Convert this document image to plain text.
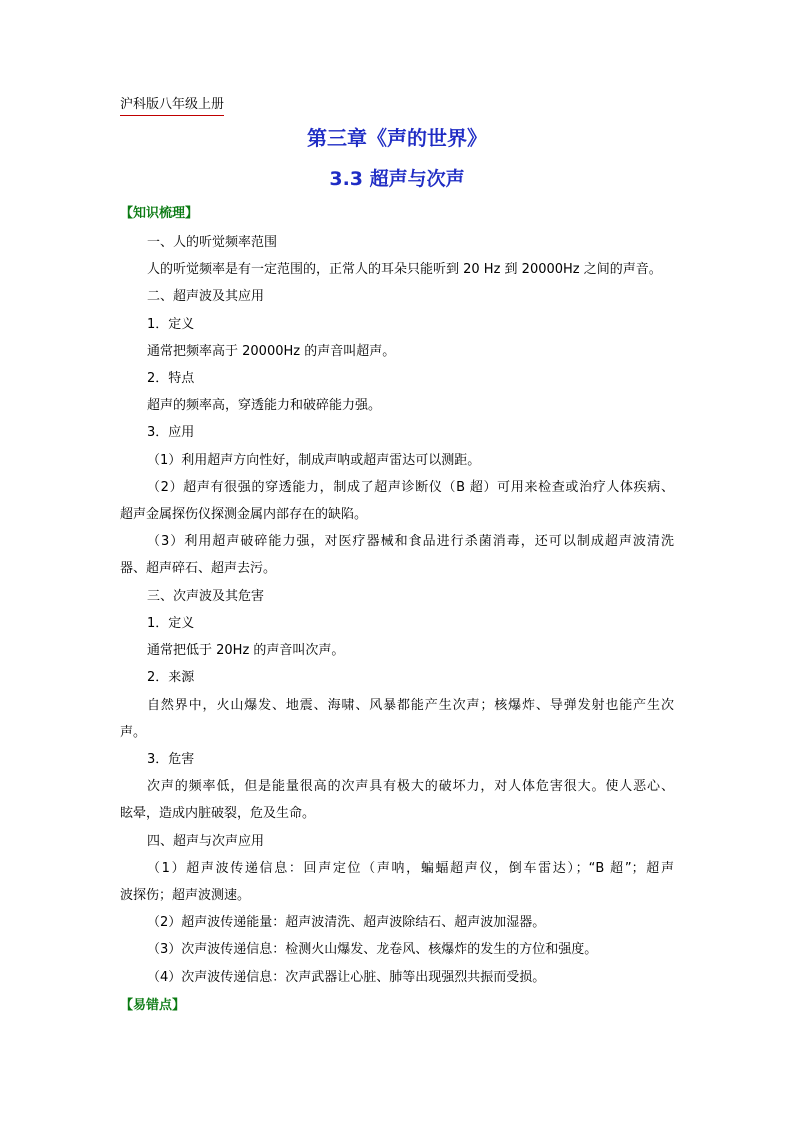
沪科版八年级上册
第三章《声的世界》
3.3 超声与次声
【知识梳理】
一、人的听觉频率范围
人的听觉频率是有一定范围的，正常人的耳朵只能听到 20 Hz 到 20000Hz 之间的声音。
二、超声波及其应用
1．定义
通常把频率高于 20000Hz 的声音叫超声。
2．特点
超声的频率高，穿透能力和破碎能力强。
3．应用
（1）利用超声方向性好，制成声呐或超声雷达可以测距。
（2）超声有很强的穿透能力，制成了超声诊断仪（B 超）可用来检查或治疗人体疾病、
超声金属探伤仪探测金属内部存在的缺陷。
（3）利用超声破碎能力强，对医疗器械和食品进行杀菌消毒，还可以制成超声波清洗
器、超声碎石、超声去污。
三、次声波及其危害
1．定义
通常把低于 20Hz 的声音叫次声。
2．来源
自然界中，火山爆发、地震、海啸、风暴都能产生次声；核爆炸、导弹发射也能产生次
声。
3．危害
次声的频率低，但是能量很高的次声具有极大的破坏力，对人体危害很大。使人恶心、
眩晕，造成内脏破裂，危及生命。
四、超声与次声应用
（1）超声波传递信息：回声定位（声呐，蝙蝠超声仪，倒车雷达）；“B 超”；超声
波探伤；超声波测速。
（2）超声波传递能量：超声波清洗、超声波除结石、超声波加湿器。
（3）次声波传递信息：检测火山爆发、龙卷风、核爆炸的发生的方位和强度。
（4）次声波传递信息：次声武器让心脏、肺等出现强烈共振而受损。
【易错点】
